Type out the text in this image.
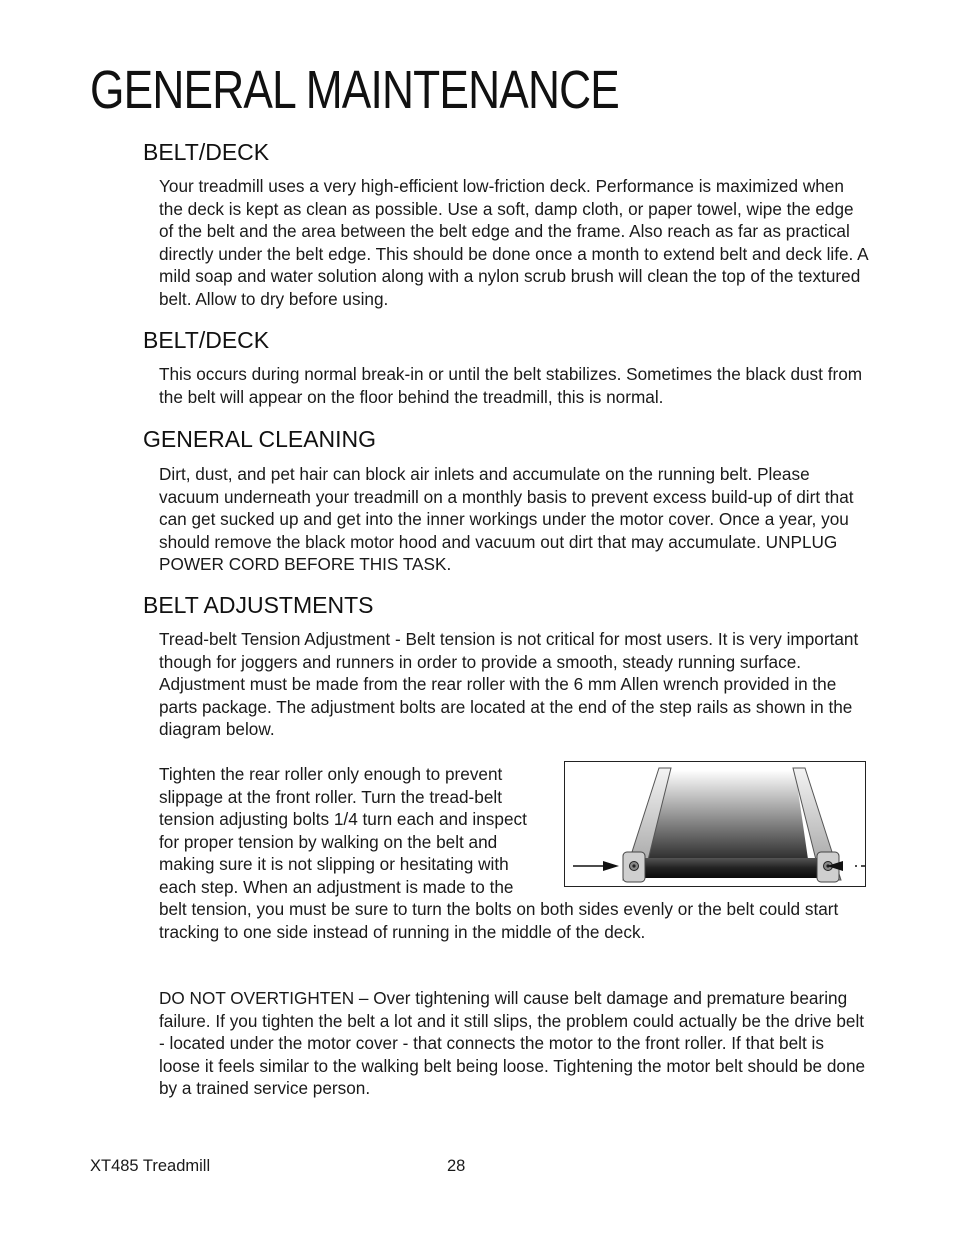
GENERAL MAINTENANCE
BELT/DECK

Your treadmill uses a very high-efficient low-friction deck. Performance is maximized when the deck is kept as clean as possible. Use a soft, damp cloth, or paper towel, wipe the edge of the belt and the area between the belt edge and the frame. Also reach as far as practical directly under the belt edge. This should be done once a month to extend belt and deck life. A mild soap and water solution along with a nylon scrub brush will clean the top of the textured belt. Allow to dry before using.

BELT/DECK

This occurs during normal break-in or until the belt stabilizes. Sometimes the black dust from the belt will appear on the floor behind the treadmill, this is normal.

GENERAL CLEANING

Dirt, dust, and pet hair can block air inlets and accumulate on the running belt. Please vacuum underneath your treadmill on a monthly basis to prevent excess build-up of dirt that can get sucked up and get into the inner workings under the motor cover. Once a year, you should remove the black motor hood and vacuum out dirt that may accumulate. UNPLUG POWER CORD BEFORE THIS TASK.

BELT ADJUSTMENTS

Tread-belt Tension Adjustment - Belt tension is not critical for most users. It is very important though for joggers and runners in order to provide a smooth, steady running surface. Adjustment must be made from the rear roller with the 6 mm Allen wrench provided in the parts package. The adjustment bolts are located at the end of the step rails as shown in the diagram below.

Tighten the rear roller only enough to prevent slippage at the front roller. Turn the tread-belt tension adjusting bolts 1/4 turn each and inspect for proper tension by walking on the belt and making sure it is not slipping or hesitating with each step. When an adjustment is made to the belt tension, you must be sure to turn the bolts on both sides evenly or the belt could start tracking to one side instead of running in the middle of the deck.

DO NOT OVERTIGHTEN – Over tightening will cause belt damage and premature bearing failure. If you tighten the belt a lot and it still slips, the problem could actually be the drive belt - located under the motor cover - that connects the motor to the front roller. If that belt is loose it feels similar to the walking belt being loose. Tightening the motor belt should be done by a trained service person.

XT485 Treadmill	28
